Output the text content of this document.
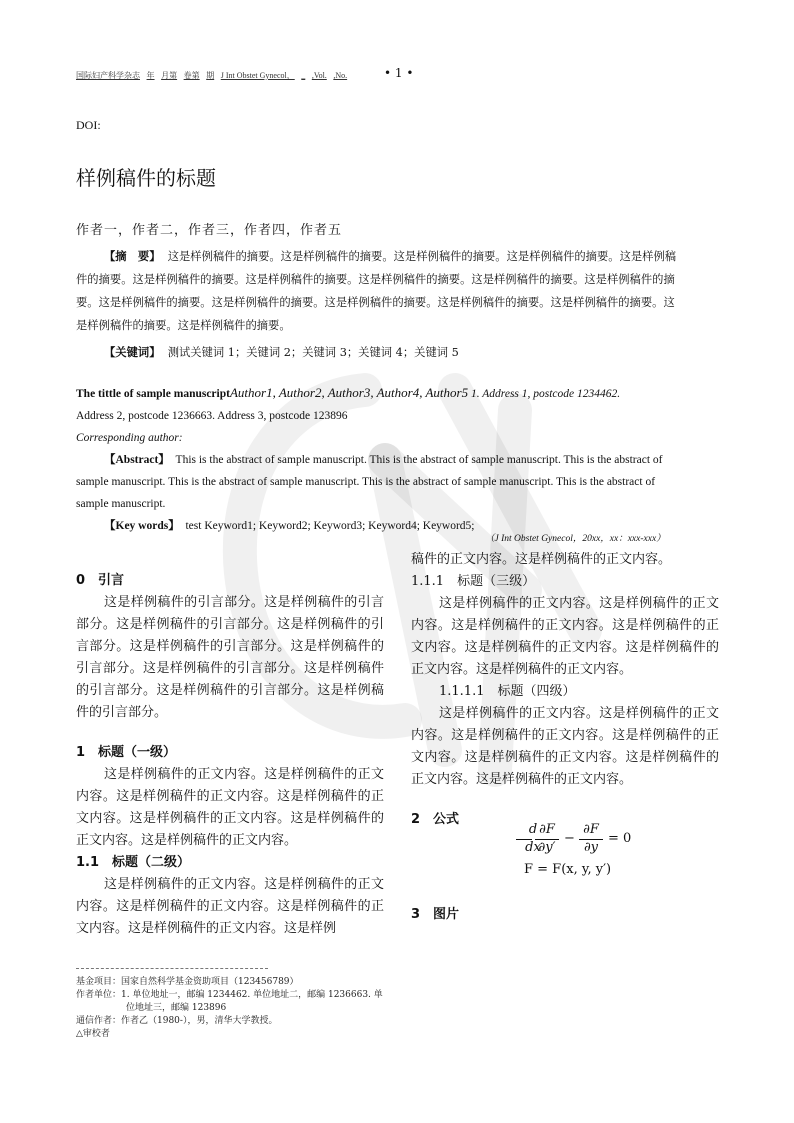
国际妇产科学杂志 年 月第 卷第 期 J Int Obstet Gynecol， _ ,Vol. ,No.	• 1 •
DOI:
样例稿件的标题
作者一，作者二，作者三，作者四，作者五
【摘　要】 这是样例稿件的摘要。这是样例稿件的摘要。这是样例稿件的摘要。这是样例稿件的摘要。这是样例稿件的摘要。这是样例稿件的摘要。这是样例稿件的摘要。这是样例稿件的摘要。这是样例稿件的摘要。这是样例稿件的摘要。这是样例稿件的摘要。这是样例稿件的摘要。这是样例稿件的摘要。这是样例稿件的摘要。这是样例稿件的摘要。这是样例稿件的摘要。这是样例稿件的摘要。
【关键词】 测试关键词 1；关键词 2；关键词 3；关键词 4；关键词 5
The tittle of sample manuscriptAuthor1, Author2, Author3, Author4, Author5 1. Address 1, postcode 1234462.
Address 2, postcode 1236663. Address 3, postcode 123896
Corresponding author:
【Abstract】 This is the abstract of sample manuscript. This is the abstract of sample manuscript. This is the abstract of sample manuscript. This is the abstract of sample manuscript. This is the abstract of sample manuscript. This is the abstract of sample manuscript.
【Key words】 test Keyword1; Keyword2; Keyword3; Keyword4; Keyword5;
（J Int Obstet Gynecol，20xx，xx：xxx-xxx）
0　引言

这是样例稿件的引言部分。这是样例稿件的引言部分。这是样例稿件的引言部分。这是样例稿件的引言部分。这是样例稿件的引言部分。这是样例稿件的引言部分。这是样例稿件的引言部分。这是样例稿件的引言部分。这是样例稿件的引言部分。这是样例稿件的引言部分。

1　标题（一级）

这是样例稿件的正文内容。这是样例稿件的正文内容。这是样例稿件的正文内容。这是样例稿件的正文内容。这是样例稿件的正文内容。这是样例稿件的正文内容。这是样例稿件的正文内容。

1.1　标题（二级）

这是样例稿件的正文内容。这是样例稿件的正文内容。这是样例稿件的正文内容。这是样例稿件的正文内容。这是样例稿件的正文内容。这是样例

稿件的正文内容。这是样例稿件的正文内容。

1.1.1　标题（三级）

这是样例稿件的正文内容。这是样例稿件的正文内容。这是样例稿件的正文内容。这是样例稿件的正文内容。这是样例稿件的正文内容。这是样例稿件的正文内容。这是样例稿件的正文内容。

1.1.1.1　标题（四级）

这是样例稿件的正文内容。这是样例稿件的正文内容。这是样例稿件的正文内容。这是样例稿件的正文内容。这是样例稿件的正文内容。这是样例稿件的正文内容。这是样例稿件的正文内容。

2　公式
d
dx
∂F
∂y′
−
∂F
∂y
= 0
F = F(x, y, y′)
3　图片
基金项目：国家自然科学基金资助项目（123456789）
作者单位：1. 单位地址一，邮编 1234462. 单位地址二，邮编 1236663. 单
位地址三，邮编 123896
通信作者：作者乙（1980-），男，清华大学教授。
△审校者
